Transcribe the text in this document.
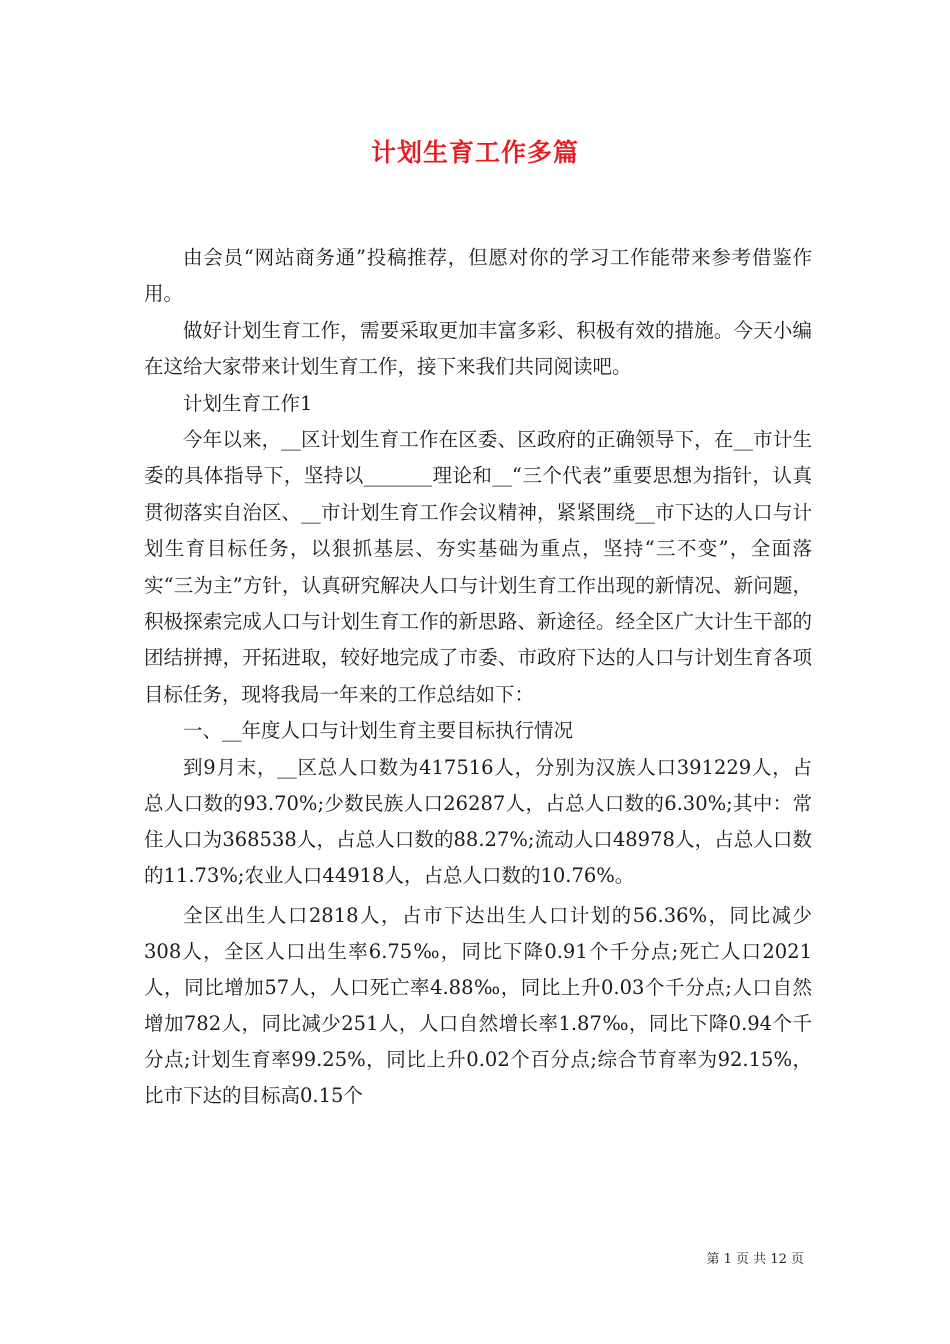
计划生育工作多篇

由会员“网站商务通”投稿推荐，但愿对你的学习工作能带来参考借鉴作用。

做好计划生育工作，需要采取更加丰富多彩、积极有效的措施。今天小编在这给大家带来计划生育工作，接下来我们共同阅读吧。

计划生育工作1

今年以来，__区计划生育工作在区委、区政府的正确领导下，在__市计生委的具体指导下，坚持以_______理论和__“三个代表”重要思想为指针，认真贯彻落实自治区、__市计划生育工作会议精神，紧紧围绕__市下达的人口与计划生育目标任务，以狠抓基层、夯实基础为重点，坚持“三不变”，全面落实“三为主”方针，认真研究解决人口与计划生育工作出现的新情况、新问题，积极探索完成人口与计划生育工作的新思路、新途径。经全区广大计生干部的团结拼搏，开拓进取，较好地完成了市委、市政府下达的人口与计划生育各项目标任务，现将我局一年来的工作总结如下：

一、__年度人口与计划生育主要目标执行情况

到9月末，__区总人口数为417516人，分别为汉族人口391229人，占总人口数的93.70%;少数民族人口26287人，占总人口数的6.30%;其中：常住人口为368538人，占总人口数的88.27%;流动人口48978人，占总人口数的11.73%;农业人口44918人，占总人口数的10.76%。

全区出生人口2818人，占市下达出生人口计划的56.36%，同比减少308人，全区人口出生率6.75‰，同比下降0.91个千分点;死亡人口2021人，同比增加57人，人口死亡率4.88‰，同比上升0.03个千分点;人口自然增加782人，同比减少251人，人口自然增长率1.87‰，同比下降0.94个千分点;计划生育率99.25%，同比上升0.02个百分点;综合节育率为92.15%，比市下达的目标高0.15个

第 1 页 共 12 页
